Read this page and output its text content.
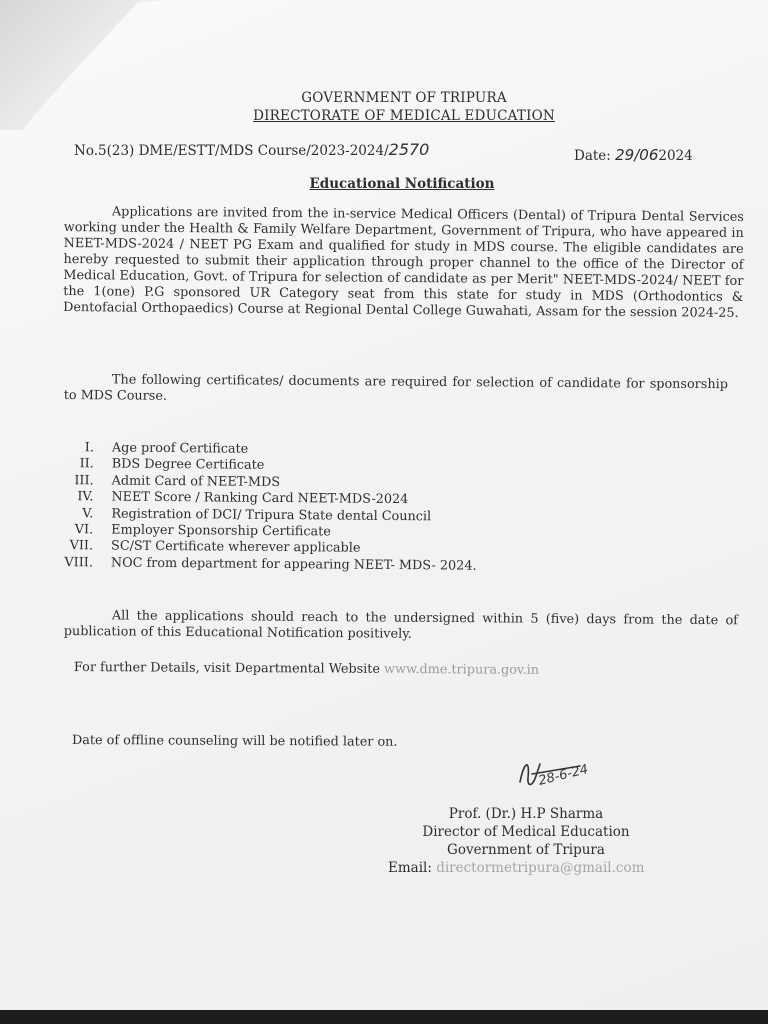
GOVERNMENT OF TRIPURA
DIRECTORATE OF MEDICAL EDUCATION
No.5(23) DME/ESTT/MDS Course/2023-2024/2570	Date: 29/062024
Educational Notification
Applications are invited from the in-service Medical Officers (Dental) of Tripura Dental Services working under the Health & Family Welfare Department, Government of Tripura, who have appeared in NEET-MDS-2024 / NEET PG Exam and qualified for study in MDS course. The eligible candidates are hereby requested to submit their application through proper channel to the office of the Director of Medical Education, Govt. of Tripura for selection of candidate as per Merit" NEET-MDS-2024/ NEET for the 1(one) P.G sponsored UR Category seat from this state for study in MDS (Orthodontics & Dentofacial Orthopaedics) Course at Regional Dental College Guwahati, Assam for the session 2024-25.
The following certificates/ documents are required for selection of candidate for sponsorship to MDS Course.
I.	Age proof Certificate
II.	BDS Degree Certificate
III.	Admit Card of NEET-MDS
IV.	NEET Score / Ranking Card NEET-MDS-2024
V.	Registration of DCI/ Tripura State dental Council
VI.	Employer Sponsorship Certificate
VII.	SC/ST Certificate wherever applicable
VIII.	NOC from department for appearing NEET- MDS- 2024.
All the applications should reach to the undersigned within 5 (five) days from the date of publication of this Educational Notification positively.
For further Details, visit Departmental Website www.dme.tripura.gov.in
Date of offline counseling will be notified later on.
28-6-24
Prof. (Dr.) H.P Sharma
Director of Medical Education
Government of Tripura
Email: directormetripura@gmail.com
